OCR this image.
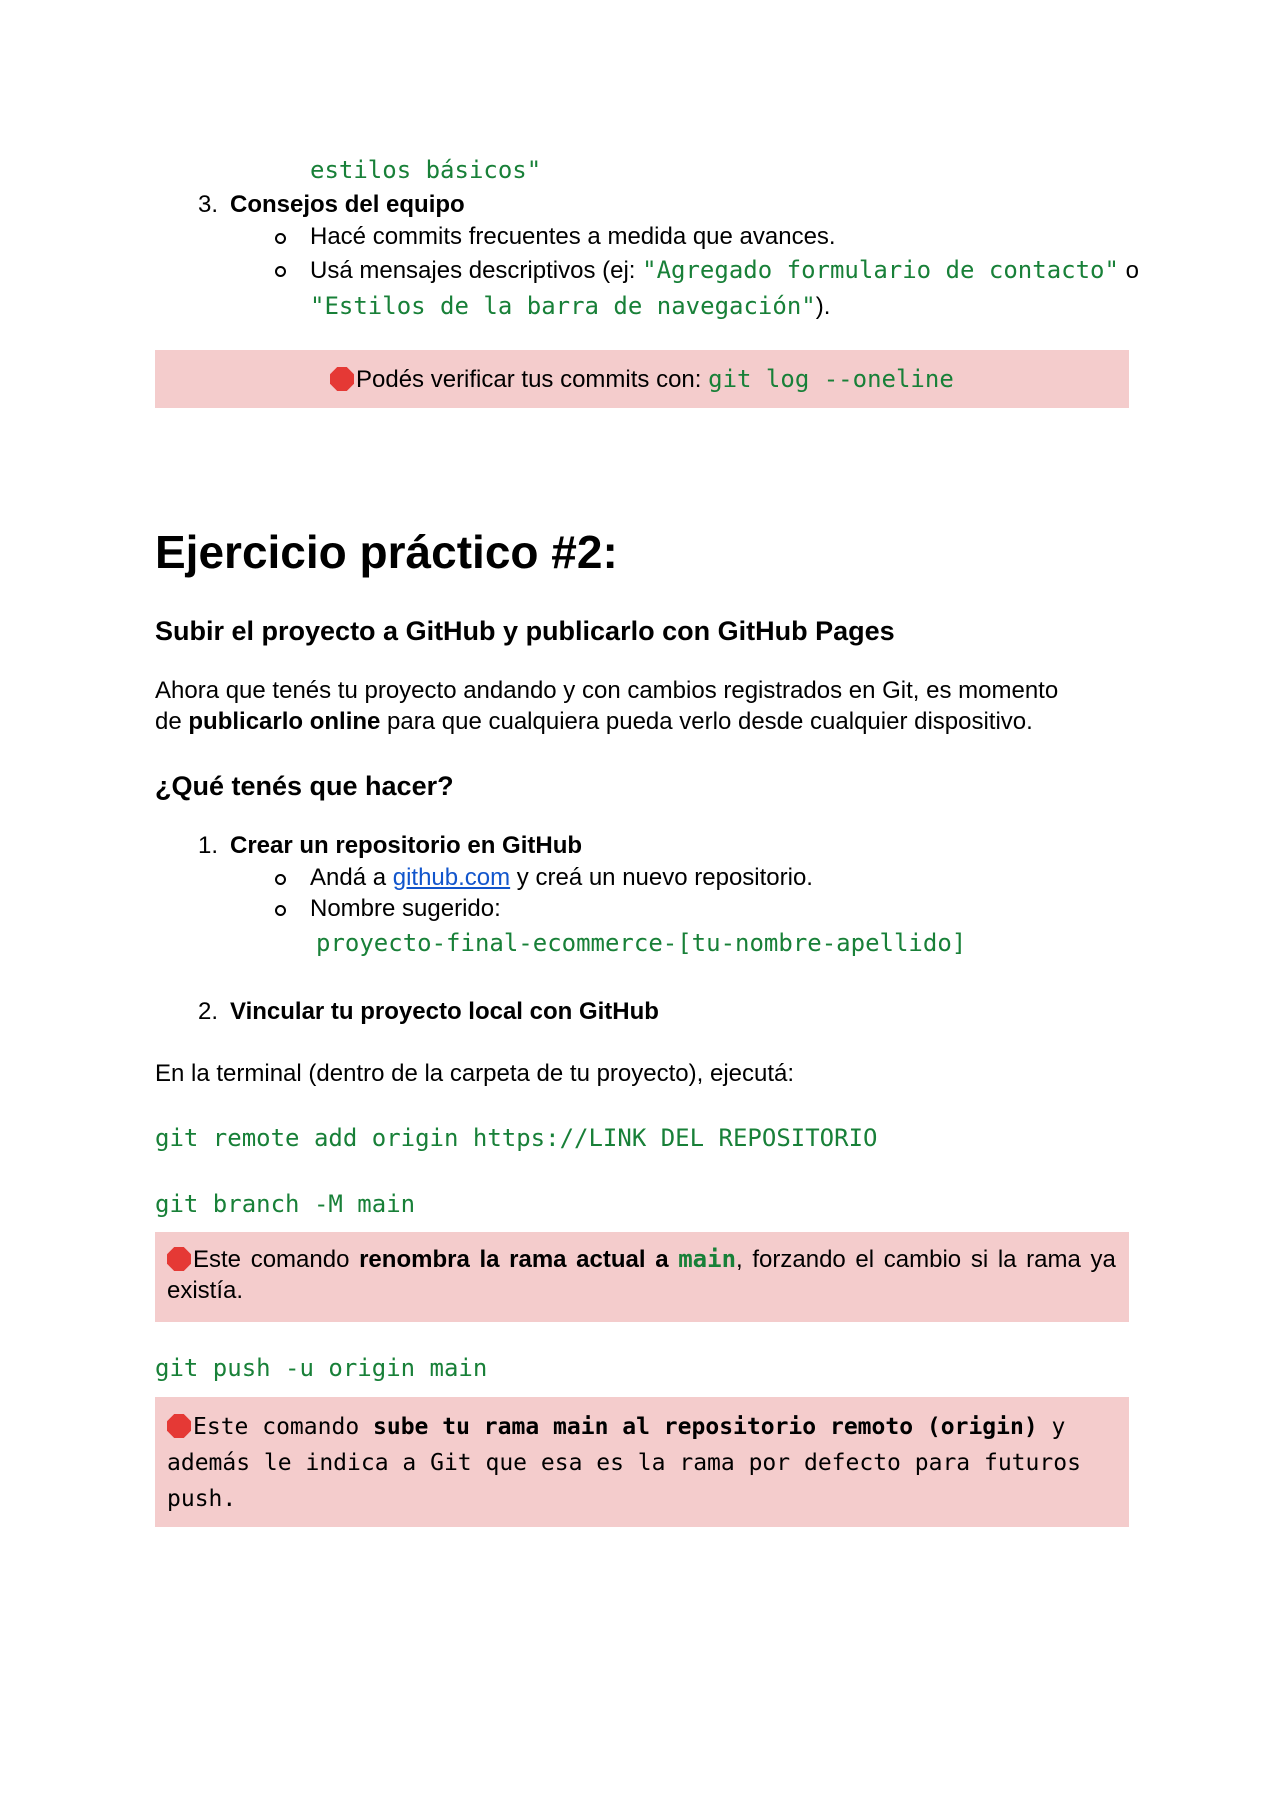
estilos básicos"
3. Consejos del equipo
Hacé commits frecuentes a medida que avances.
Usá mensajes descriptivos (ej: "Agregado formulario de contacto" o
"Estilos de la barra de navegación").
Podés verificar tus commits con: git log --oneline
Ejercicio práctico #2:
Subir el proyecto a GitHub y publicarlo con GitHub Pages
Ahora que tenés tu proyecto andando y con cambios registrados en Git, es momento
de publicarlo online para que cualquiera pueda verlo desde cualquier dispositivo.
¿Qué tenés que hacer?
1. Crear un repositorio en GitHub
Andá a github.com y creá un nuevo repositorio.
Nombre sugerido:
proyecto-final-ecommerce-[tu-nombre-apellido]
2. Vincular tu proyecto local con GitHub
En la terminal (dentro de la carpeta de tu proyecto), ejecutá:
git remote add origin https://LINK DEL REPOSITORIO
git branch -M main
Este comando renombra la rama actual a main, forzando el cambio si la rama ya
existía.
git push -u origin main
Este comando sube tu rama main al repositorio remoto (origin) y
además le indica a Git que esa es la rama por defecto para futuros
push.
